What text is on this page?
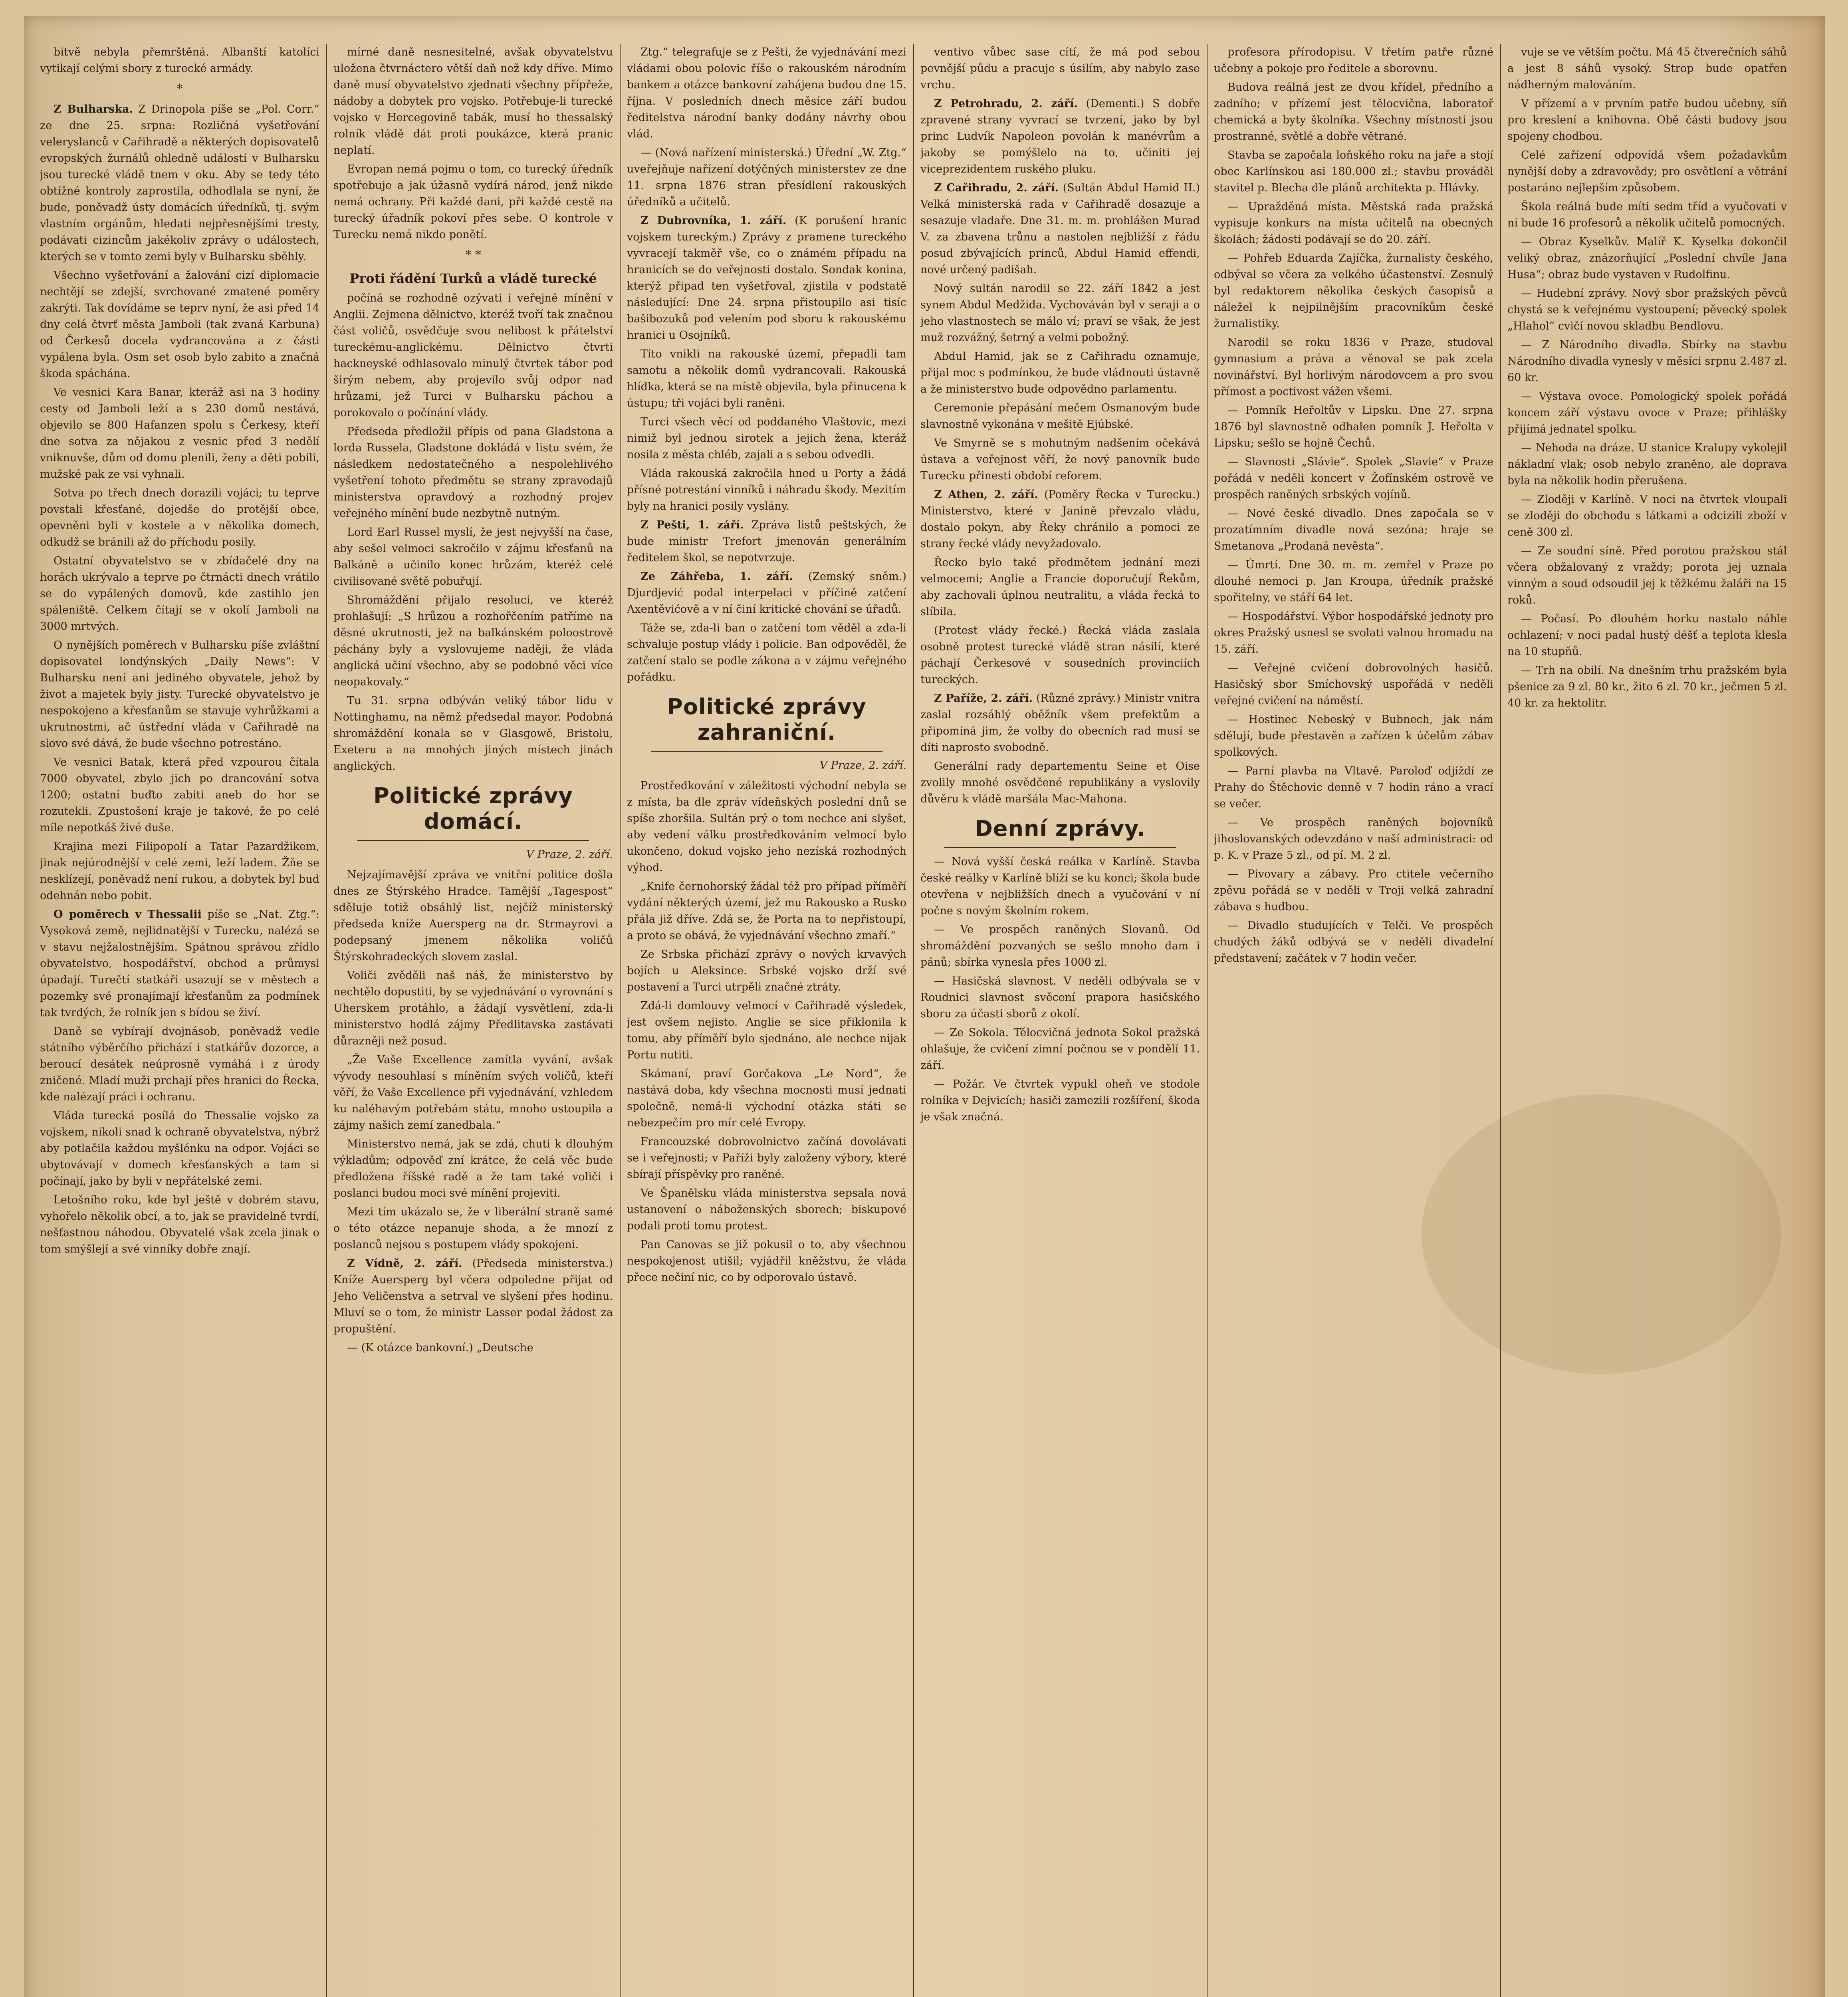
bitvě nebyla přemrštěná. Albanští katolíci vytikají celými sbory z turecké armády.

*

Z Bulharska. Z Drinopola píše se „Pol. Corr.“ ze dne 25. srpna: Rozličná vyšetřování veleryslanců v Cařihradě a některých dopisovatelů evropských žurnálů ohledně událostí v Bulharsku jsou turecké vládě tnem v oku. Aby se tedy této obtížné kontroly zaprostila, odhodlala se nyní, že bude, poněvadž ústy domácích úředníků, tj. svým vlastním orgánům, hledati nejpřesnějšími tresty, podávati cizincům jakékoliv zprávy o událostech, kterých se v tomto zemi byly v Bulharsku sběhly.

Všechno vyšetřování a žalování cizí diplomacie nechtějí se zdejší, svrchované zmatené poměry zakrýti. Tak dovídáme se teprv nyní, že asi před 14 dny celá čtvrť města Jamboli (tak zvaná Karbuna) od Čerkesů docela vydrancována a z části vypálena byla. Osm set osob bylo zabito a značná škoda spáchána.

Ve vesnici Kara Banar, kteráž asi na 3 hodiny cesty od Jamboli leží a s 230 domů nestává, objevilo se 800 Hafanzen spolu s Čerkesy, kteří dne sotva za nějakou z vesnic před 3 nedělí vniknuvše, dům od domu plenili, ženy a děti pobili, mužské pak ze vsi vyhnali.

Sotva po třech dnech dorazili vojáci; tu teprve povstali křesťané, dojedše do protější obce, opevněni byli v kostele a v několika domech, odkudž se bránili až do příchodu posily.

Ostatní obyvatelstvo se v zbídačelé dny na horách ukrývalo a teprve po čtrnácti dnech vrátilo se do vypálených domovů, kde zastihlo jen spáleniště. Celkem čítají se v okolí Jamboli na 3000 mrtvých.

O nynějších poměrech v Bulharsku píše zvláštní dopisovatel londýnských „Daily News“: V Bulharsku není ani jediného obyvatele, jehož by život a majetek byly jisty. Turecké obyvatelstvo je nespokojeno a křesťanům se stavuje vyhrůžkami a ukrutnostmi, ač ústřední vláda v Cařihradě na slovo své dává, že bude všechno potrestáno.

Ve vesnici Batak, která před vzpourou čítala 7000 obyvatel, zbylo jich po drancování sotva 1200; ostatní buďto zabiti aneb do hor se rozutekli. Zpustošení kraje je takové, že po celé míle nepotkáš živé duše.

Krajina mezi Filipopolí a Tatar Pazardžikem, jinak nejúrodnější v celé zemi, leží ladem. Žňe se nesklízejí, poněvadž není rukou, a dobytek byl buď odehnán nebo pobit.

O poměrech v Thessalii píše se „Nat. Ztg.“: Vysoková země, nejlidnatější v Turecku, nalézá se v stavu nejžalostnějším. Spátnou správou zřídlo obyvatelstvo, hospodářství, obchod a průmysl úpadají. Turečtí statkáři usazují se v městech a pozemky své pronajímají křesťanům za podmínek tak tvrdých, že rolník jen s bídou se živí.

Daně se vybírají dvojnásob, poněvadž vedle státního výběrčího přichází i statkářův dozorce, a beroucí desátek neúprosně vymáhá i z úrody zničené. Mladí muži prchají přes hranici do Řecka, kde nalézají práci i ochranu.

Vláda turecká posílá do Thessalie vojsko za vojskem, nikoli snad k ochraně obyvatelstva, nýbrž aby potlačila každou myšlénku na odpor. Vojáci se ubytovávají v domech křesťanských a tam si počínají, jako by byli v nepřátelské zemi.

Letošního roku, kde byl ještě v dobrém stavu, vyhořelo několik obcí, a to, jak se pravidelně tvrdí, nešťastnou náhodou. Obyvatelé však zcela jinak o tom smýšlejí a své vinníky dobře znají.

mírné daně nesnesitelné, avšak obyvatelstvu uložena čtvrnáctero větší daň než kdy dříve. Mimo daně musí obyvatelstvo zjednati všechny přípřeže, nádoby a dobytek pro vojsko. Potřebuje-li turecké vojsko v Hercegovině tabák, musí ho thessalský rolník vládě dát proti poukázce, která pranic neplatí.

Evropan nemá pojmu o tom, co turecký úředník spotřebuje a jak úžasně vydírá národ, jenž nikde nemá ochrany. Při každé dani, při každé cestě na turecký úřadník pokoví přes sebe. O kontrole v Turecku nemá nikdo ponětí.

* *
Proti řádění Turků a vládě turecké

počíná se rozhodně ozývati i veřejné mínění v Anglii. Zejmena dělnictvo, kteréž tvoří tak značnou část voličů, osvědčuje svou nelibost k přátelství tureckému-anglickému. Dělnictvo čtvrti hackneyské odhlasovalo minulý čtvrtek tábor pod širým nebem, aby projevilo svůj odpor nad hrůzami, jež Turci v Bulharsku páchou a porokovalo o počínání vlády.

Předseda předložil přípis od pana Gladstona a lorda Russela, Gladstone dokládá v listu svém, že následkem nedostatečného a nespolehlivého vyšetření tohoto předmětu se strany zpravodajů ministerstva opravdový a rozhodný projev veřejného mínění bude nezbytně nutným.

Lord Earl Russel myslí, že jest nejvyšší na čase, aby sešel velmoci sakročilo v zájmu křesťanů na Balkáně a učinilo konec hrůzám, kteréž celé civilisované světě pobuřují.

Shromáždění přijalo resoluci, ve kteréž prohlašují: „S hrůzou a rozhořčením patříme na děsné ukrutnosti, jež na balkánském poloostrově páchány byly a vyslovujeme naději, že vláda anglická učiní všechno, aby se podobné věci více neopakovaly.“

Tu 31. srpna odbýván veliký tábor lidu v Nottinghamu, na němž předsedal mayor. Podobná shromáždění konala se v Glasgowě, Bristolu, Exeteru a na mnohých jiných místech jinách anglických.

Politické zprávy domácí.
V Praze, 2. září.

Nejzajímavější zpráva ve vnitřní politice došla dnes ze Štýrského Hradce. Tamější „Tagespost“ sděluje totiž obsáhlý list, nejčíž ministerský předseda kníže Auersperg na dr. Strmayrovi a podepsaný jmenem několika voličů Štýrskohradeckých slovem zaslal.

Voliči zvěděli naš náš, že ministerstvo by nechtělo dopustiti, by se vyjednávání o vyrovnání s Uherskem protáhlo, a žádají vysvětlení, zda-li ministerstvo hodlá zájmy Předlitavska zastávati důrazněji než posud.

„Že Vaše Excellence zamítla vyvání, avšak vývody nesouhlasí s míněním svých voličů, kteří věří, že Vaše Excellence při vyjednávání, vzhledem ku naléhavým potřebám státu, mnoho ustoupila a zájmy našich zemí zanedbala.“

Ministerstvo nemá, jak se zdá, chuti k dlouhým výkladům; odpověď zní krátce, že celá věc bude předložena říšské radě a že tam také voliči i poslanci budou moci své mínění projeviti.

Mezi tím ukázalo se, že v liberální straně samé o této otázce nepanuje shoda, a že mnozí z poslanců nejsou s postupem vlády spokojeni.

Z Vídně, 2. září. (Předseda ministerstva.) Kníže Auersperg byl včera odpoledne přijat od Jeho Veličenstva a setrval ve slyšení přes hodinu. Mluví se o tom, že ministr Lasser podal žádost za propuštění.

— (K otázce bankovní.) „Deutsche

Ztg.“ telegrafuje se z Pešti, že vyjednávání mezi vládami obou polovic říše o rakouském národním bankem a otázce bankovní zahájena budou dne 15. října. V posledních dnech měsíce září budou ředitelstva národní banky dodány návrhy obou vlád.

— (Nová nařízení ministerská.) Úřední „W. Ztg.“ uveřejňuje nařízení dotýčných ministerstev ze dne 11. srpna 1876 stran přesídlení rakouských úředníků a učitelů.

Z Dubrovníka, 1. září. (K porušení hranic vojskem tureckým.) Zprávy z pramene tureckého vyvracejí takměř vše, co o známém případu na hranicích se do veřejnosti dostalo. Sondak konina, kterýž připad ten vyšetřoval, zjistila v podstatě následující: Dne 24. srpna přistoupilo asi tisíc bašibozuků pod velením pod sboru k rakouskému hranici u Osojníků.

Tito vnikli na rakouské území, přepadli tam samotu a několik domů vydrancovali. Rakouská hlídka, která se na místě objevila, byla přinucena k ústupu; tři vojáci byli raněni.

Turci všech věcí od poddaného Vlaštovic, mezi nimiž byl jednou sirotek a jejich žena, kteráž nosila z města chléb, zajali a s sebou odvedli.

Vláda rakouská zakročila hned u Porty a žádá přísné potrestání vinníků i náhradu škody. Mezitím byly na hranici posily vyslány.

Z Pešti, 1. září. Zpráva listů peštských, že bude ministr Trefort jmenován generálním ředitelem škol, se nepotvrzuje.

Ze Záhřeba, 1. září. (Zemský sněm.) Djurdjević podal interpelaci v příčině zatčení Axentěvićově a v ní činí kritické chování se úřadů.

Táže se, zda-li ban o zatčení tom věděl a zda-li schvaluje postup vlády i policie. Ban odpověděl, že zatčení stalo se podle zákona a v zájmu veřejného pořádku.

Politické zprávy zahraniční.
V Praze, 2. září.

Prostředkování v záležitosti východní nebyla se z místa, ba dle zpráv vídeňských poslední dnů se spíše zhoršila. Sultán prý o tom nechce ani slyšet, aby vedení válku prostředkováním velmocí bylo ukončeno, dokud vojsko jeho nezíská rozhodných výhod.

„Knife černohorský žádal též pro případ příměří vydání některých území, jež mu Rakousko a Rusko přála již dříve. Zdá se, že Porta na to nepřistoupí, a proto se obává, že vyjednávání všechno zmaří.“

Ze Srbska přichází zprávy o nových krvavých bojích u Aleksince. Srbské vojsko drží své postavení a Turci utrpěli značné ztráty.

Zdá-li domlouvy velmocí v Cařihradě výsledek, jest ovšem nejisto. Anglie se sice přiklonila k tomu, aby příměří bylo sjednáno, ale nechce nijak Portu nutiti.

Skámaní, praví Gorčakova „Le Nord“, že nastává doba, kdy všechna mocnosti musí jednati společně, nemá-li východní otázka státi se nebezpečím pro mír celé Evropy.

Francouzské dobrovolnictvo začíná dovolávati se i veřejnosti; v Paříži byly založeny výbory, které sbírají příspěvky pro raněné.

Ve Španělsku vláda ministerstva sepsala nová ustanovení o náboženských sborech; biskupové podali proti tomu protest.

Pan Canovas se již pokusil o to, aby všechnou nespokojenost utišil; vyjádřil kněžstvu, že vláda přece nečiní nic, co by odporovalo ústavě.

ventivo vůbec sase cítí, že má pod sebou pevnější půdu a pracuje s úsilím, aby nabylo zase vrchu.

Z Petrohradu, 2. září. (Dementi.) S dobře zpravené strany vyvrací se tvrzení, jako by byl princ Ludvík Napoleon povolán k manévrům a jakoby se pomýšlelo na to, učiniti jej viceprezidentem ruského pluku.

Z Cařihradu, 2. září. (Sultán Abdul Hamid II.) Velká ministerská rada v Cařihradě dosazuje a sesazuje vladaře. Dne 31. m. m. prohlášen Murad V. za zbavena trůnu a nastolen nejbližší z řádu posud zbývajících princů, Abdul Hamid effendi, nové určený padišah.

Nový sultán narodil se 22. září 1842 a jest synem Abdul Medžida. Vychováván byl v seraji a o jeho vlastnostech se málo ví; praví se však, že jest muž rozvážný, šetrný a velmi pobožný.

Abdul Hamid, jak se z Cařihradu oznamuje, přijal moc s podmínkou, že bude vládnouti ústavně a že ministerstvo bude odpovědno parlamentu.

Ceremonie přepásání mečem Osmanovým bude slavnostně vykonána v mešitě Ejúbské.

Ve Smyrně se s mohutným nadšením očekává ústava a veřejnost věří, že nový panovník bude Turecku přinesti období reforem.

Z Athen, 2. září. (Poměry Řecka v Turecku.) Ministerstvo, které v Janině převzalo vládu, dostalo pokyn, aby Řeky chránilo a pomoci ze strany řecké vlády nevyžadovalo.

Řecko bylo také předmětem jednání mezi velmocemi; Anglie a Francie doporučují Řekům, aby zachovali úplnou neutralitu, a vláda řecká to slíbila.

(Protest vlády řecké.) Řecká vláda zaslala osobně protest turecké vládě stran násilí, které páchají Čerkesové v sousedních provinciích tureckých.

Z Paříže, 2. září. (Různé zprávy.) Ministr vnitra zaslal rozsáhlý oběžník všem prefektům a připomíná jim, že volby do obecních rad musí se díti naprosto svobodně.

Generální rady departementu Seine et Oise zvolily mnohé osvědčené republikány a vyslovily důvěru k vládě maršála Mac-Mahona.

Denní zprávy.

— Nová vyšší česká reálka v Karlíně. Stavba české reálky v Karlíně blíží se ku konci; škola bude otevřena v nejbližších dnech a vyučování v ní počne s novým školním rokem.

— Ve prospěch raněných Slovanů. Od shromáždění pozvaných se sešlo mnoho dam i pánů; sbírka vynesla přes 1000 zl.

— Hasičská slavnost. V neděli odbývala se v Roudnici slavnost svěcení prapora hasičského sboru za účasti sborů z okolí.

— Ze Sokola. Tělocvičná jednota Sokol pražská ohlašuje, že cvičení zimní počnou se v pondělí 11. září.

— Požár. Ve čtvrtek vypukl oheň ve stodole rolníka v Dejvicích; hasiči zamezili rozšíření, škoda je však značná.

profesora přírodopisu. V třetím patře různé učebny a pokoje pro ředitele a sborovnu.

Budova reálná jest ze dvou křídel, předního a zadního; v přízemí jest tělocvična, laboratoř chemická a byty školníka. Všechny místnosti jsou prostranné, světlé a dobře větrané.

Stavba se započala loňského roku na jaře a stojí obec Karlínskou asi 180.000 zl.; stavbu prováděl stavitel p. Blecha dle plánů architekta p. Hlávky.

— Upražděná místa. Městská rada pražská vypisuje konkurs na místa učitelů na obecných školách; žádosti podávají se do 20. září.

— Pohřeb Eduarda Zajíčka, žurnalisty českého, odbýval se včera za velkého účastenství. Zesnulý byl redaktorem několika českých časopisů a náležel k nejpilnějším pracovníkům české žurnalistiky.

Narodil se roku 1836 v Praze, studoval gymnasium a práva a věnoval se pak zcela novinářství. Byl horlivým národovcem a pro svou přímost a poctivost vážen všemi.

— Pomník Heřoltův v Lipsku. Dne 27. srpna 1876 byl slavnostně odhalen pomník J. Heřolta v Lipsku; sešlo se hojně Čechů.

— Slavnosti „Slávie“. Spolek „Slavie“ v Praze pořádá v neděli koncert v Žofínském ostrově ve prospěch raněných srbských vojínů.

— Nové české divadlo. Dnes započala se v prozatímním divadle nová sezóna; hraje se Smetanova „Prodaná nevěsta“.

— Úmrtí. Dne 30. m. m. zemřel v Praze po dlouhé nemoci p. Jan Kroupa, úředník pražské spořitelny, ve stáří 64 let.

— Hospodářství. Výbor hospodářské jednoty pro okres Pražský usnesl se svolati valnou hromadu na 15. září.

— Veřejné cvičení dobrovolných hasičů. Hasičský sbor Smíchovský uspořádá v neděli veřejné cvičení na náměstí.

— Hostinec Nebeský v Bubnech, jak nám sdělují, bude přestavěn a zařízen k účelům zábav spolkových.

— Parní plavba na Vltavě. Paroloď odjíždí ze Prahy do Štěchovic denně v 7 hodin ráno a vrací se večer.

— Ve prospěch raněných bojovníků jihoslovanských odevzdáno v naší administraci: od p. K. v Praze 5 zl., od pí. M. 2 zl.

— Pivovary a zábavy. Pro ctitele večerního zpěvu pořádá se v neděli v Troji velká zahradní zábava s hudbou.

— Divadlo studujících v Telči. Ve prospěch chudých žáků odbývá se v neděli divadelní představení; začátek v 7 hodin večer.

vuje se ve větším počtu. Má 45 čtverečních sáhů a jest 8 sáhů vysoký. Strop bude opatřen nádherným malováním.

V přízemí a v prvním patře budou učebny, síň pro kreslení a knihovna. Obě části budovy jsou spojeny chodbou.

Celé zařízení odpovídá všem požadavkům nynější doby a zdravovědy; pro osvětlení a větrání postaráno nejlepším způsobem.

Škola reálná bude míti sedm tříd a vyučovati v ní bude 16 profesorů a několik učitelů pomocných.

— Obraz Kyselkův. Malíř K. Kyselka dokončil veliký obraz, znázorňující „Poslední chvíle Jana Husa“; obraz bude vystaven v Rudolfinu.

— Hudební zprávy. Nový sbor pražských pěvců chystá se k veřejnému vystoupení; pěvecký spolek „Hlahol“ cvičí novou skladbu Bendlovu.

— Z Národního divadla. Sbírky na stavbu Národního divadla vynesly v měsíci srpnu 2.487 zl. 60 kr.

— Výstava ovoce. Pomologický spolek pořádá koncem září výstavu ovoce v Praze; přihlášky přijímá jednatel spolku.

— Nehoda na dráze. U stanice Kralupy vykolejil nákladní vlak; osob nebylo zraněno, ale doprava byla na několik hodin přerušena.

— Zloději v Karlíně. V noci na čtvrtek vloupali se zloději do obchodu s látkami a odcizili zboží v ceně 300 zl.

— Ze soudní síně. Před porotou pražskou stál včera obžalovaný z vraždy; porota jej uznala vinným a soud odsoudil jej k těžkému žaláři na 15 roků.

— Počasí. Po dlouhém horku nastalo náhle ochlazení; v noci padal hustý déšť a teplota klesla na 10 stupňů.

— Trh na obilí. Na dnešním trhu pražském byla pšenice za 9 zl. 80 kr., žito 6 zl. 70 kr., ječmen 5 zl. 40 kr. za hektolitr.
